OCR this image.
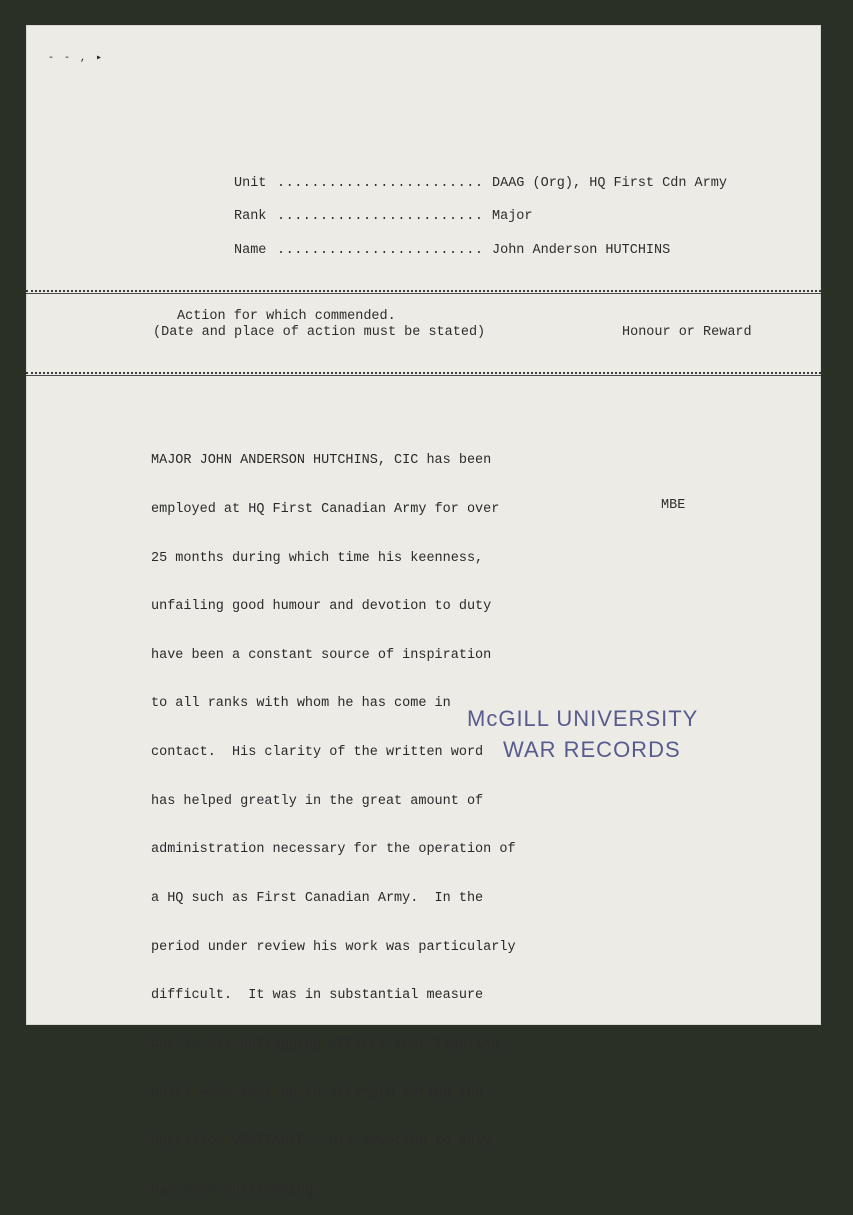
- - , ▸
Unit ........................ DAAG (Org), HQ First Cdn Army
Rank ........................ Major
Name ........................ John Anderson HUTCHINS
Action for which commended.
(Date and place of action must be stated)	Honour or Reward

MAJOR JOHN ANDERSON HUTCHINS, CIC has been

employed at HQ First Canadian Army for over

25 months during which time his keenness,

unfailing good humour and devotion to duty

have been a constant source of inspiration

to all ranks with whom he has come in

contact.  His clarity of the written word

has helped greatly in the great amount of

administration necessary for the operation of

a HQ such as First Canadian Army.  In the

period under review his work was particularly

difficult.  It was in substantial measure

due to his unflagging efforts that fighting

units were kept up to strength during the

Operation VERITABLE.  His devotion to duty

has been outstanding.

MBE
McGILL UNIVERSITY
WAR RECORDS
